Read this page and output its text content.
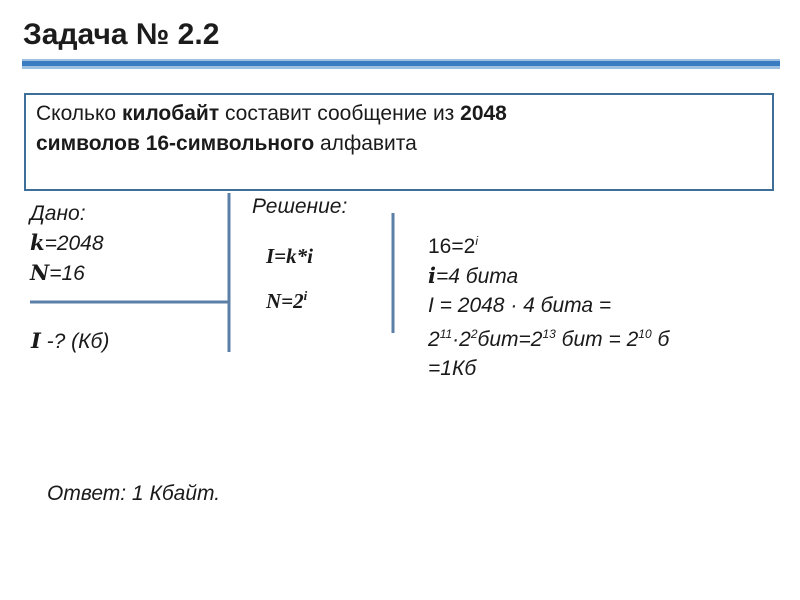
Задача № 2.2
Сколько килобайт составит сообщение из 2048
символов 16-символьного алфавита
Дано:
k=2048
N=16
I -? (Кб)
Решение:
I=k*i
$N=2^i$
$16=2^i$
i=4 бита
I = 2048 · 4 бита =
$2^{11}\cdot 2^2бит=2^{13}$ бит = $2^{10}$ б
=1Кб
Ответ: 1 Кбайт.
